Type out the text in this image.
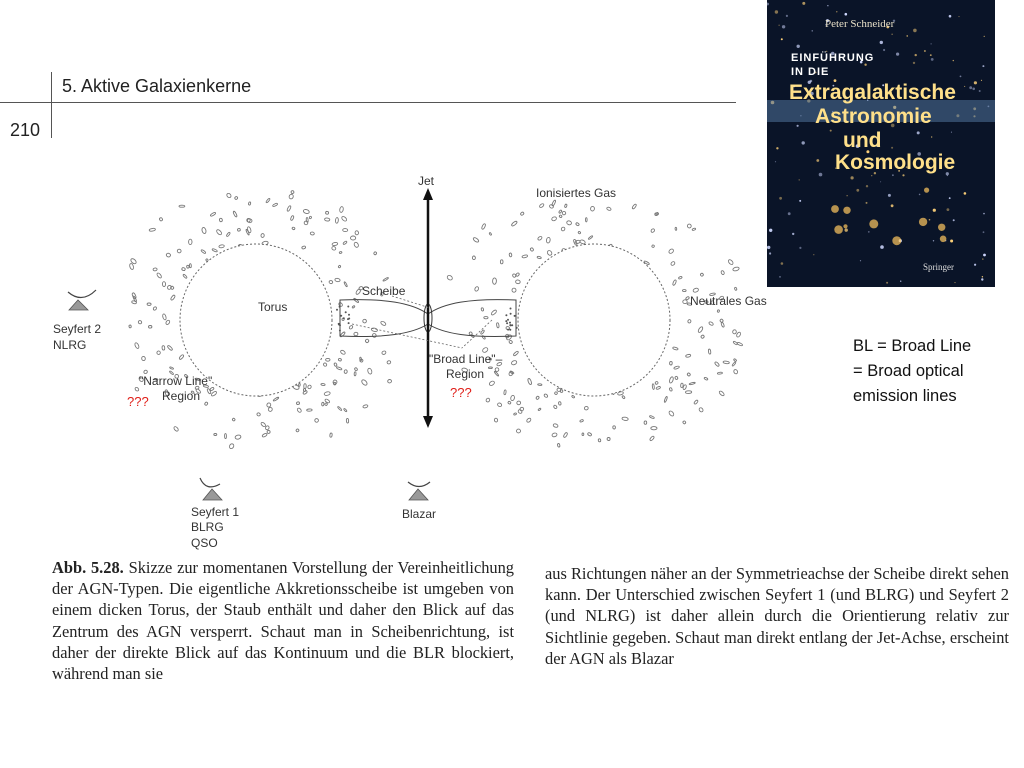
5. Aktive Galaxienkerne
210
Jet
Torus
Scheibe
Ionisiertes Gas
Neutrales Gas
Seyfert 2
NLRG
"Narrow Line"
Region
"Broad Line"–
Region
Seyfert 1
BLRG
QSO
Blazar
???
???
Abb. 5.28. Skizze zur momentanen Vorstellung der Vereinheitlichung der AGN-Typen. Die eigentliche Akkretionsscheibe ist umgeben von einem dicken Torus, der Staub enthält und daher den Blick auf das Zentrum des AGN versperrt. Schaut man in Scheibenrichtung, ist daher der direkte Blick auf das Kontinuum und die BLR blockiert, während man sie
aus Richtungen näher an der Symmetrieachse der Scheibe direkt sehen kann. Der Unterschied zwischen Seyfert 1 (und BLRG) und Seyfert 2 (und NLRG) ist daher allein durch die Orientierung relativ zur Sichtlinie gegeben. Schaut man direkt entlang der Jet-Achse, erscheint der AGN als Blazar
BL = Broad Line
= Broad optical
emission lines
Peter Schneider
EINFÜHRUNG
IN DIE
Extragalaktische
Astronomie
und
Kosmologie
Springer
